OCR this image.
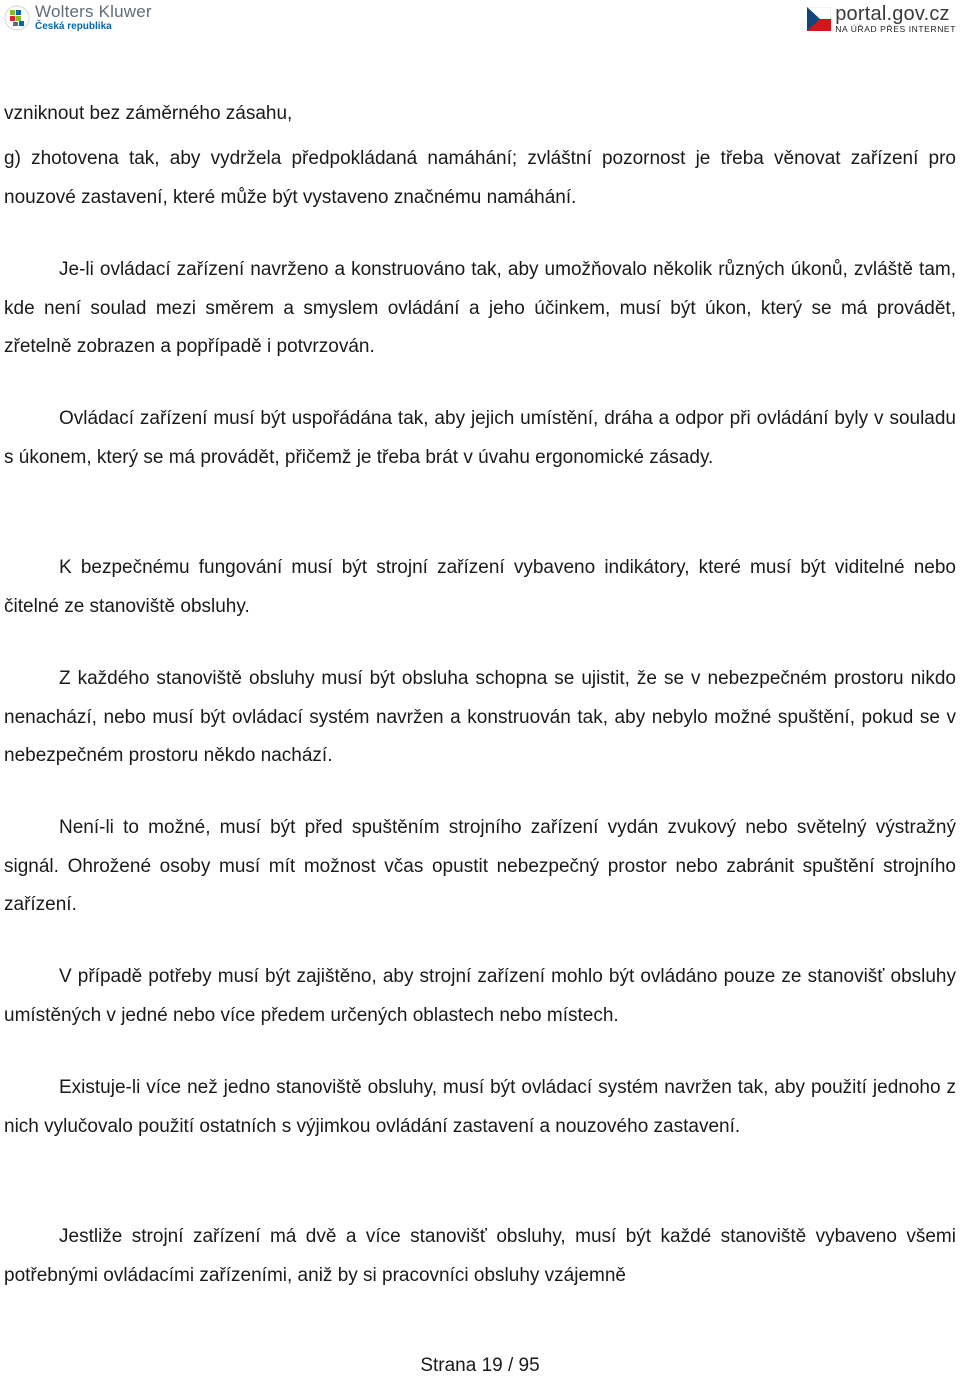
Wolters Kluwer
Česká republika
portal.gov.cz
NA ÚŘAD PŘES INTERNET

vzniknout bez záměrného zásahu,

g) zhotovena tak, aby vydržela předpokládaná namáhání; zvláštní pozornost je třeba věnovat zařízení pro nouzové zastavení, které může být vystaveno značnému namáhání.

Je-li ovládací zařízení navrženo a konstruováno tak, aby umožňovalo několik různých úkonů, zvláště tam, kde není soulad mezi směrem a smyslem ovládání a jeho účinkem, musí být úkon, který se má provádět, zřetelně zobrazen a popřípadě i potvrzován.

Ovládací zařízení musí být uspořádána tak, aby jejich umístění, dráha a odpor při ovládání byly v souladu s úkonem, který se má provádět, přičemž je třeba brát v úvahu ergonomické zásady.

K bezpečnému fungování musí být strojní zařízení vybaveno indikátory, které musí být viditelné nebo čitelné ze stanoviště obsluhy.

Z každého stanoviště obsluhy musí být obsluha schopna se ujistit, že se v nebezpečném prostoru nikdo nenachází, nebo musí být ovládací systém navržen a konstruován tak, aby nebylo možné spuštění, pokud se v nebezpečném prostoru někdo nachází.

Není-li to možné, musí být před spuštěním strojního zařízení vydán zvukový nebo světelný výstražný signál. Ohrožené osoby musí mít možnost včas opustit nebezpečný prostor nebo zabránit spuštění strojního zařízení.

V případě potřeby musí být zajištěno, aby strojní zařízení mohlo být ovládáno pouze ze stanovišť obsluhy umístěných v jedné nebo více předem určených oblastech nebo místech.

Existuje-li více než jedno stanoviště obsluhy, musí být ovládací systém navržen tak, aby použití jednoho z nich vylučovalo použití ostatních s výjimkou ovládání zastavení a nouzového zastavení.

Jestliže strojní zařízení má dvě a více stanovišť obsluhy, musí být každé stanoviště vybaveno všemi potřebnými ovládacími zařízeními, aniž by si pracovníci obsluhy vzájemně

Strana 19 / 95
